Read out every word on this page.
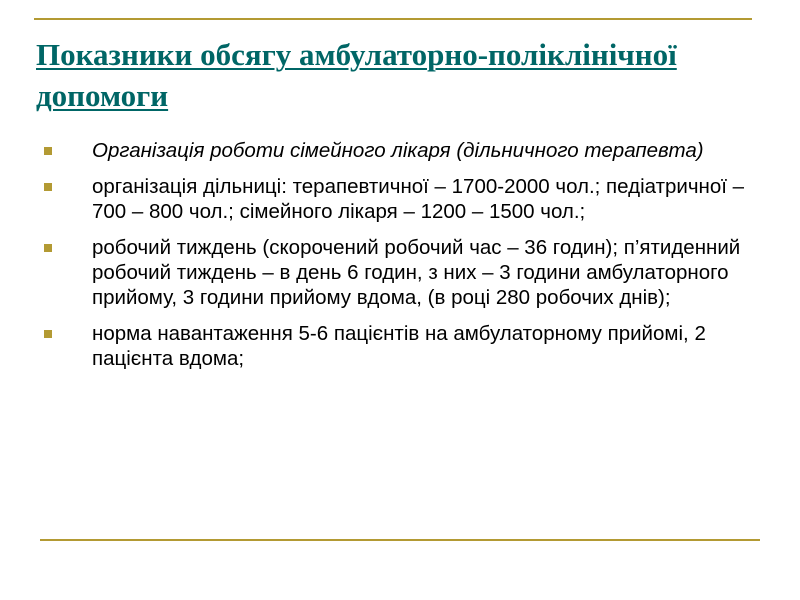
Показники обсягу амбулаторно-поліклінічної допомоги
Організація роботи сімейного лікаря (дільничного терапевта)
організація дільниці: терапевтичної – 1700-2000 чол.; педіатричної – 700 – 800 чол.; сімейного лікаря – 1200 – 1500 чол.;
робочий тиждень (скорочений робочий час – 36 годин); п’ятиденний робочий тиждень – в день 6 годин, з них – 3 години амбулаторного прийому, 3 години прийому вдома, (в році 280 робочих днів);
норма навантаження 5-6 пацієнтів на амбулаторному прийомі, 2 пацієнта вдома;
